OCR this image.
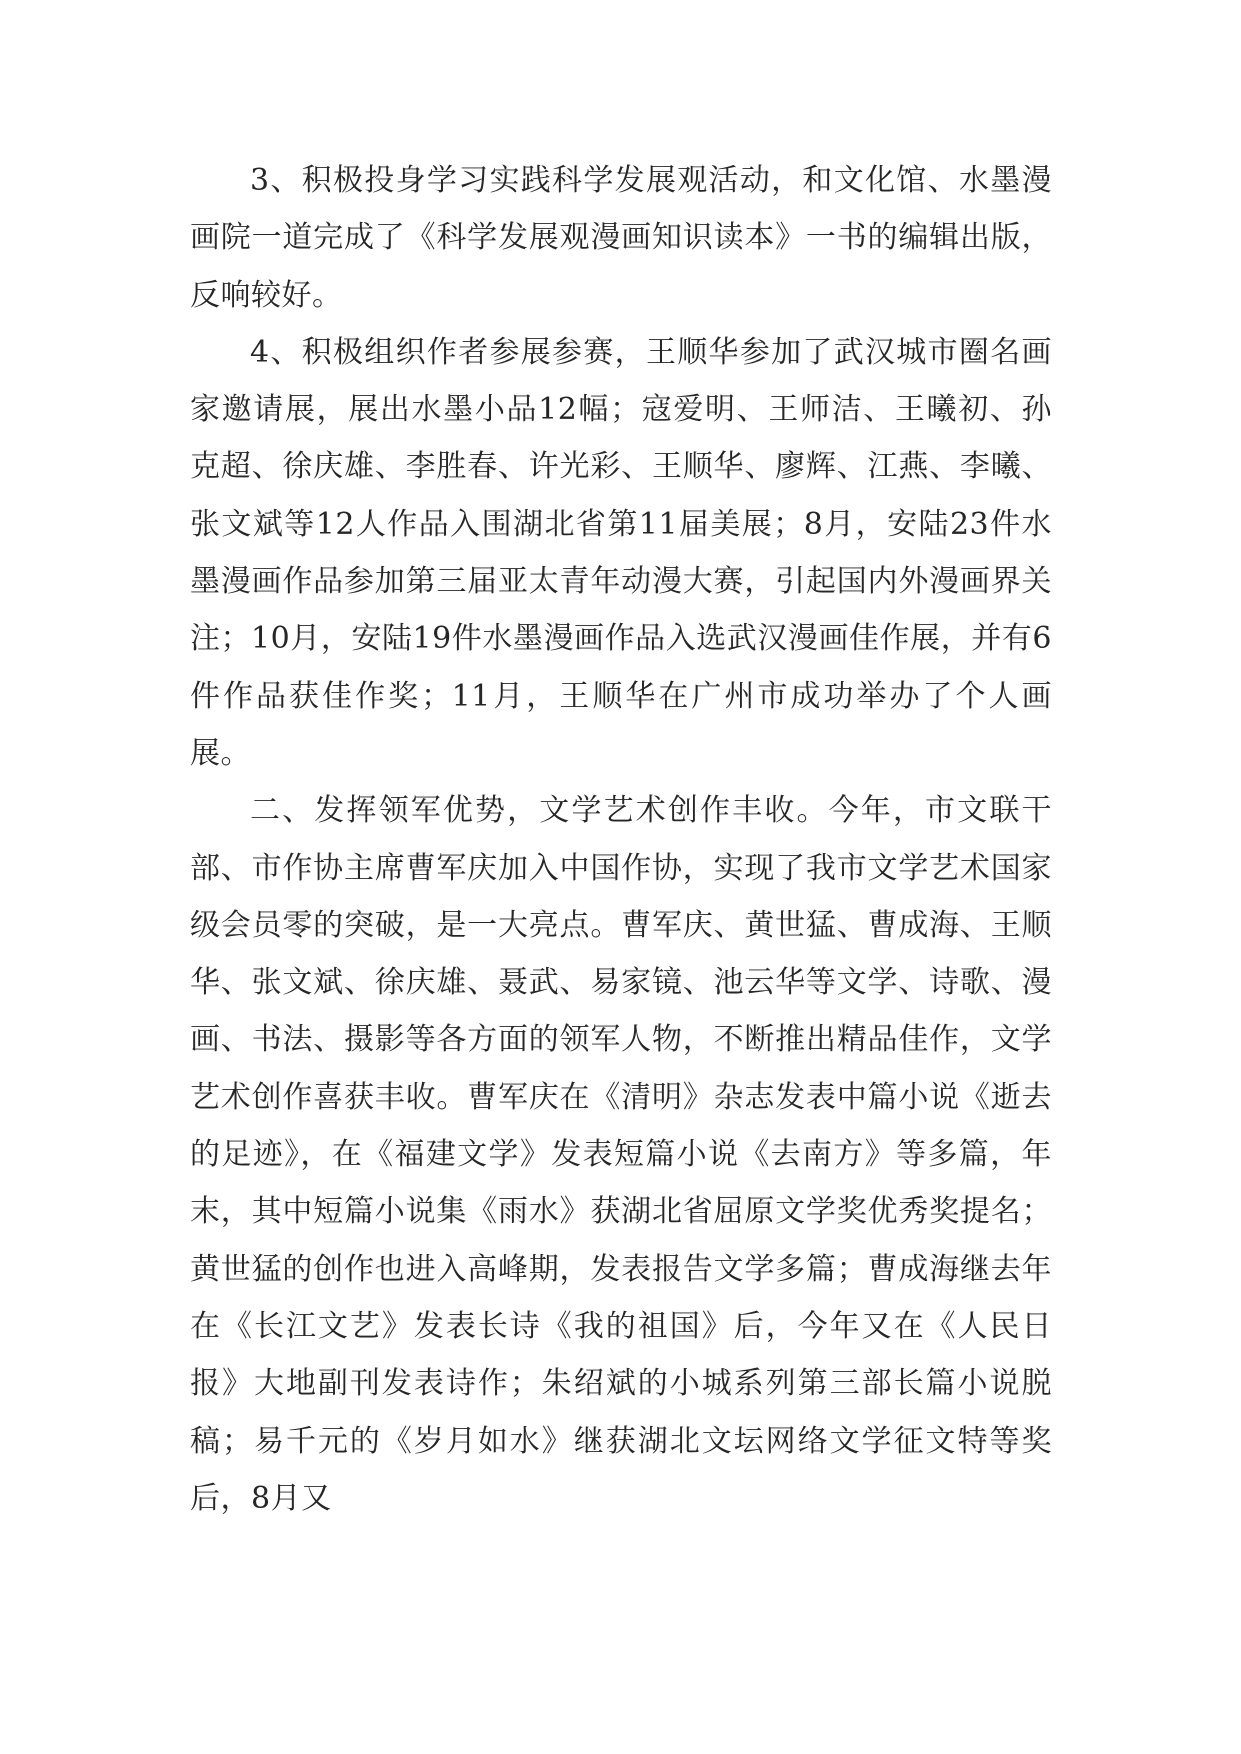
3、积极投身学习实践科学发展观活动，和文化馆、水墨漫画院一道完成了《科学发展观漫画知识读本》一书的编辑出版，反响较好。

4、积极组织作者参展参赛，王顺华参加了武汉城市圈名画家邀请展，展出水墨小品12幅；寇爱明、王师洁、王曦初、孙克超、徐庆雄、李胜春、许光彩、王顺华、廖辉、江燕、李曦、张文斌等12人作品入围湖北省第11届美展；8月，安陆23件水墨漫画作品参加第三届亚太青年动漫大赛，引起国内外漫画界关注；10月，安陆19件水墨漫画作品入选武汉漫画佳作展，并有6件作品获佳作奖；11月，王顺华在广州市成功举办了个人画展。

二、发挥领军优势，文学艺术创作丰收。今年，市文联干部、市作协主席曹军庆加入中国作协，实现了我市文学艺术国家级会员零的突破，是一大亮点。曹军庆、黄世猛、曹成海、王顺华、张文斌、徐庆雄、聂武、易家镜、池云华等文学、诗歌、漫画、书法、摄影等各方面的领军人物，不断推出精品佳作，文学艺术创作喜获丰收。曹军庆在《清明》杂志发表中篇小说《逝去的足迹》，在《福建文学》发表短篇小说《去南方》等多篇，年末，其中短篇小说集《雨水》获湖北省屈原文学奖优秀奖提名；黄世猛的创作也进入高峰期，发表报告文学多篇；曹成海继去年在《长江文艺》发表长诗《我的祖国》后，今年又在《人民日报》大地副刊发表诗作；朱绍斌的小城系列第三部长篇小说脱稿；易千元的《岁月如水》继获湖北文坛网络文学征文特等奖后，8月又
